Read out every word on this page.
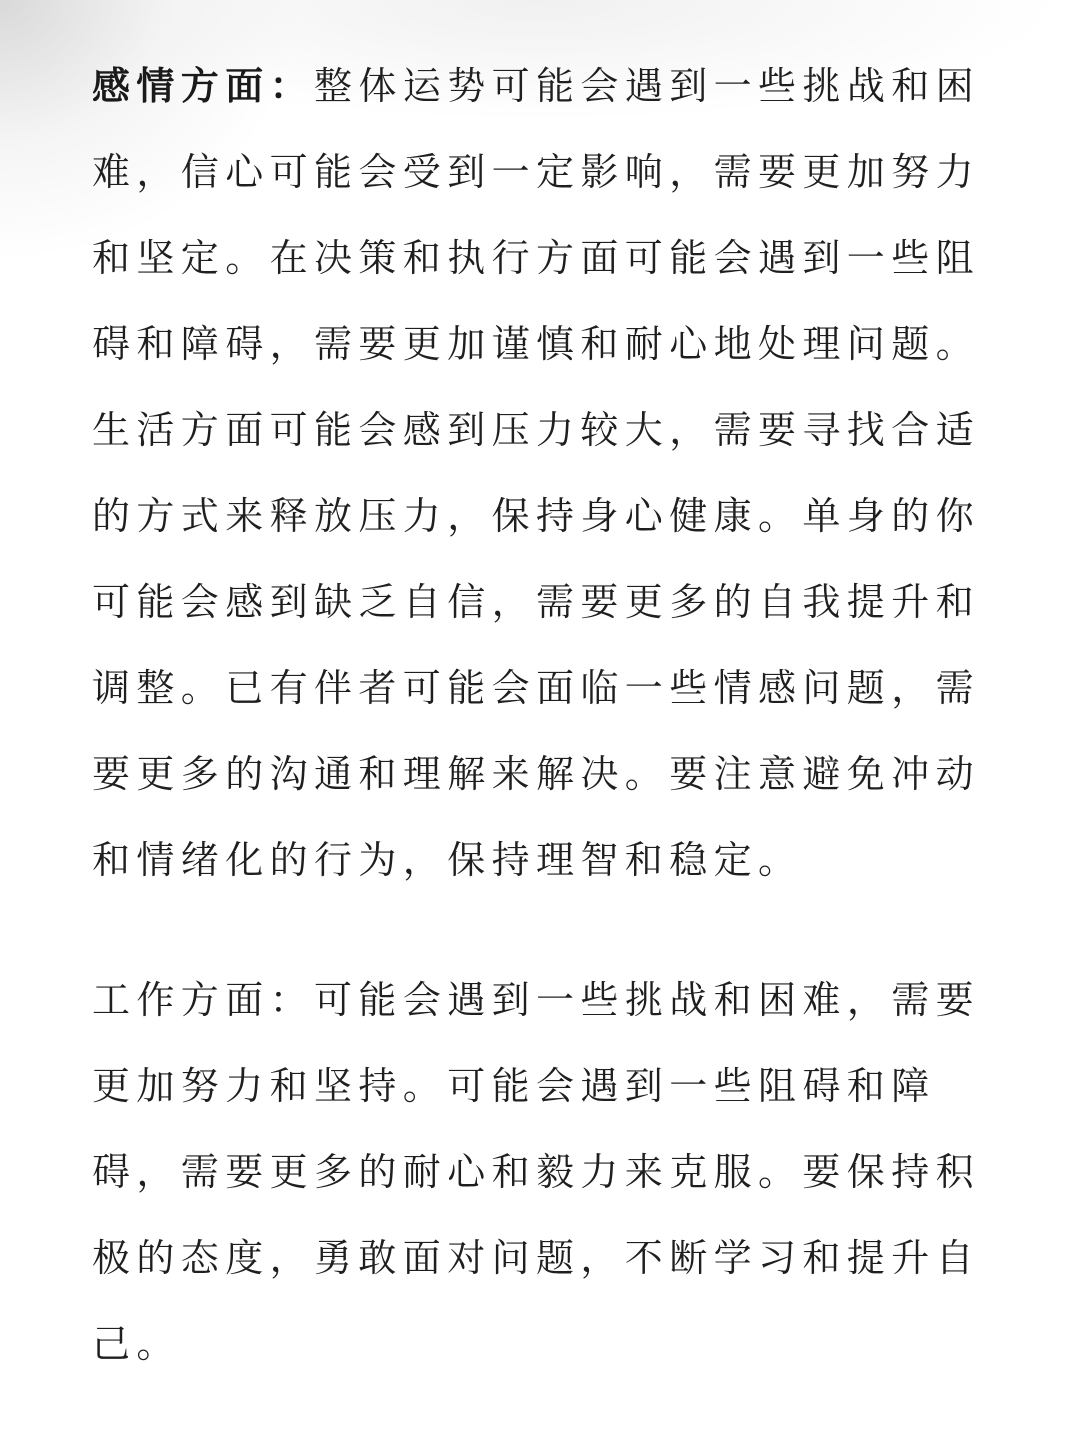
感情方面：整体运势可能会遇到一些挑战和困难，信心可能会受到一定影响，需要更加努力和坚定。在决策和执行方面可能会遇到一些阻碍和障碍，需要更加谨慎和耐心地处理问题。生活方面可能会感到压力较大，需要寻找合适的方式来释放压力，保持身心健康。单身的你可能会感到缺乏自信，需要更多的自我提升和调整。已有伴者可能会面临一些情感问题，需要更多的沟通和理解来解决。要注意避免冲动和情绪化的行为，保持理智和稳定。

工作方面：可能会遇到一些挑战和困难，需要更加努力和坚持。可能会遇到一些阻碍和障碍，需要更多的耐心和毅力来克服。要保持积极的态度，勇敢面对问题，不断学习和提升自己。
